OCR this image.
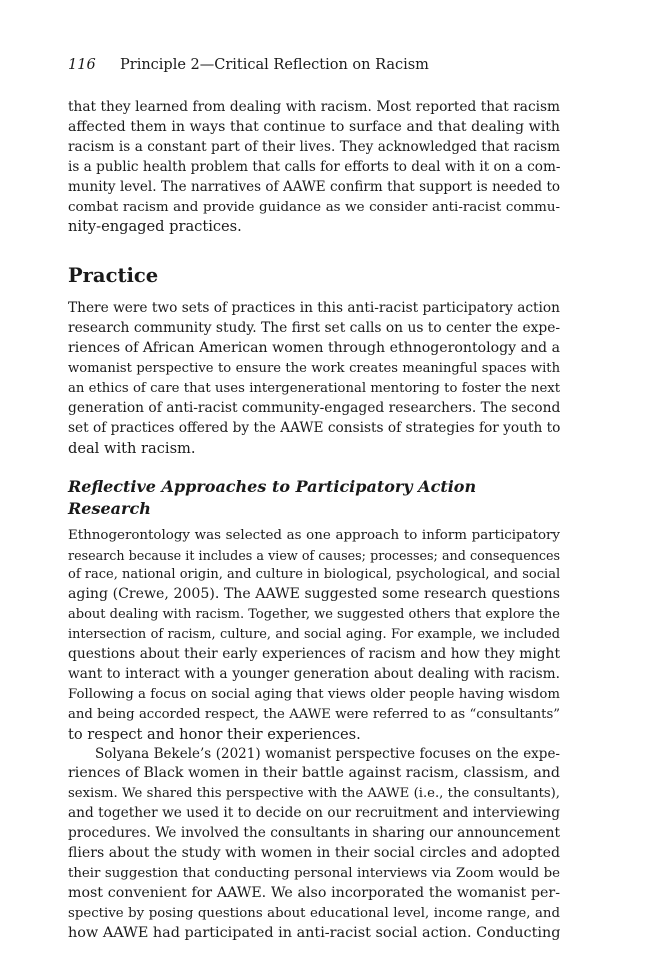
116 Principle 2—Critical Reflection on Racism

that they learned from dealing with racism. Most reported that racism
affected them in ways that continue to surface and that dealing with
racism is a constant part of their lives. They acknowledged that racism
is a public health problem that calls for efforts to deal with it on a com-
munity level. The narratives of AAWE confirm that support is needed to
combat racism and provide guidance as we consider anti-racist commu-
nity-engaged practices.

Practice

There were two sets of practices in this anti-racist participatory action
research community study. The first set calls on us to center the expe-
riences of African American women through ethnogerontology and a
womanist perspective to ensure the work creates meaningful spaces with
an ethics of care that uses intergenerational mentoring to foster the next
generation of anti-racist community-engaged researchers. The second
set of practices offered by the AAWE consists of strategies for youth to
deal with racism.

Reflective Approaches to Participatory Action Research

Ethnogerontology was selected as one approach to inform participatory
research because it includes a view of causes; processes; and consequences
of race, national origin, and culture in biological, psychological, and social
aging (Crewe, 2005). The AAWE suggested some research questions
about dealing with racism. Together, we suggested others that explore the
intersection of racism, culture, and social aging. For example, we included
questions about their early experiences of racism and how they might
want to interact with a younger generation about dealing with racism.
Following a focus on social aging that views older people having wisdom
and being accorded respect, the AAWE were referred to as “consultants”
to respect and honor their experiences.

Solyana Bekele’s (2021) womanist perspective focuses on the expe-
riences of Black women in their battle against racism, classism, and
sexism. We shared this perspective with the AAWE (i.e., the consultants),
and together we used it to decide on our recruitment and interviewing
procedures. We involved the consultants in sharing our announcement
fliers about the study with women in their social circles and adopted
their suggestion that conducting personal interviews via Zoom would be
most convenient for AAWE. We also incorporated the womanist per-
spective by posing questions about educational level, income range, and
how AAWE had participated in anti-racist social action. Conducting
